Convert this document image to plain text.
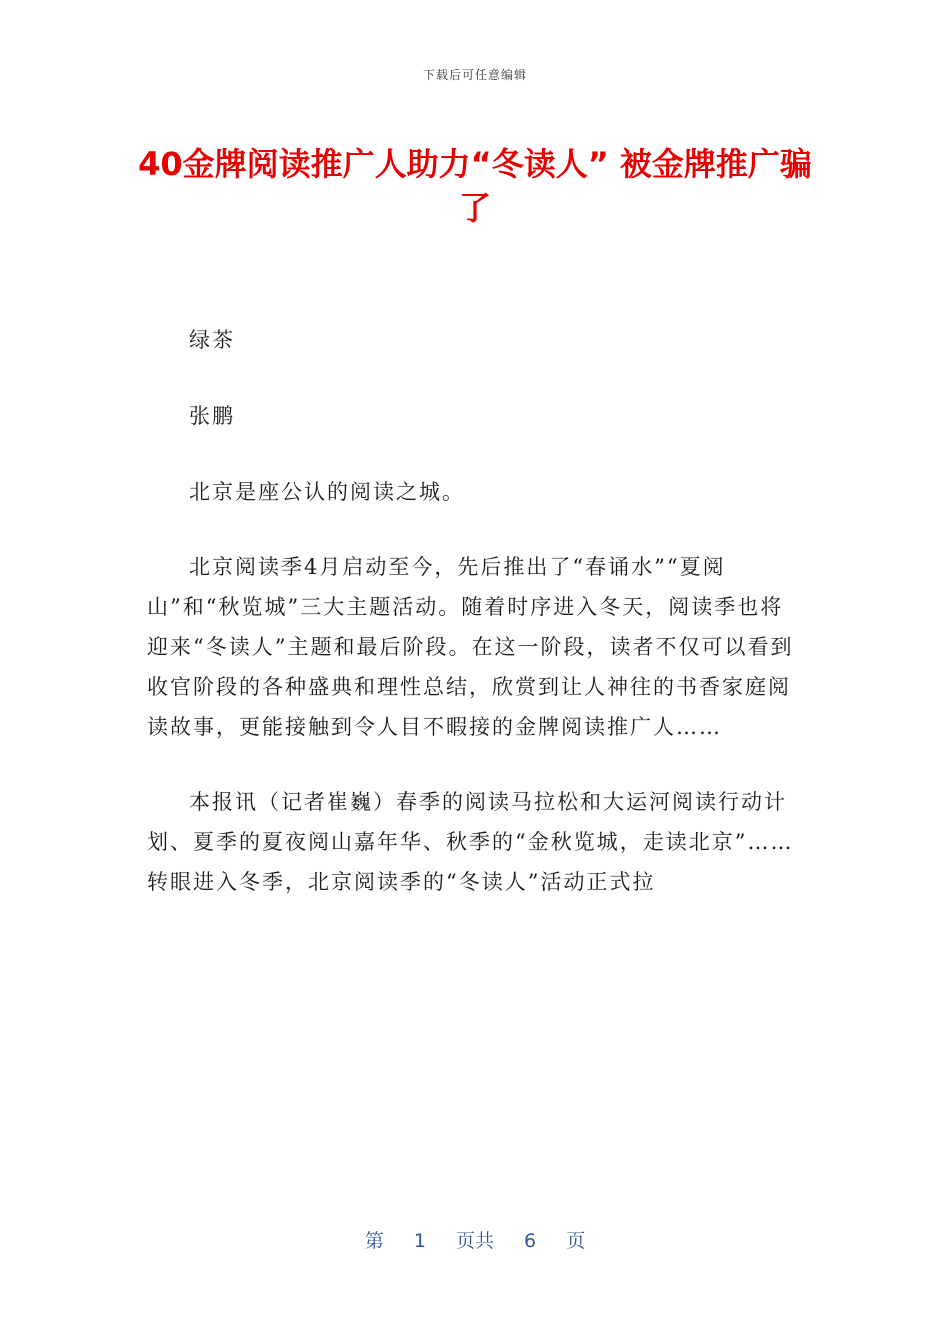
下载后可任意编辑
40金牌阅读推广人助力“冬读人” 被金牌推广骗了

绿茶

张鹏

北京是座公认的阅读之城。

北京阅读季4月启动至今，先后推出了“春诵水”“夏阅山”和“秋览城”三大主题活动。随着时序进入冬天，阅读季也将迎来“冬读人”主题和最后阶段。在这一阶段，读者不仅可以看到收官阶段的各种盛典和理性总结，欣赏到让人神往的书香家庭阅读故事，更能接触到令人目不暇接的金牌阅读推广人……

本报讯（记者崔巍）春季的阅读马拉松和大运河阅读行动计划、夏季的夏夜阅山嘉年华、秋季的“金秋览城，走读北京”……转眼进入冬季，北京阅读季的“冬读人”活动正式拉

第 1 页共 6 页
